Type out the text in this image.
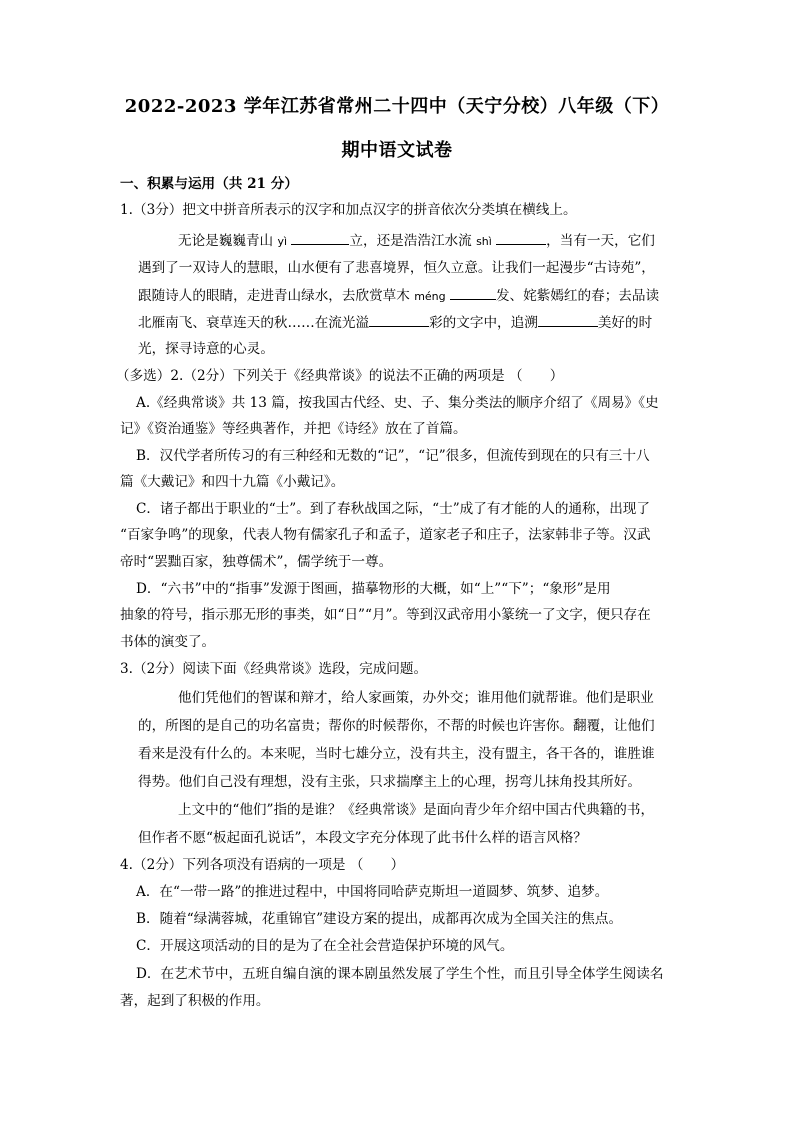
2022-2023 学年江苏省常州二十四中（天宁分校）八年级（下）
期中语文试卷
一、积累与运用（共 21 分）
1.（3分）把文中拼音所表示的汉字和加点汉字的拼音依次分类填在横线上。
无论是巍巍青山 yì	立，还是浩浩江水流 shì	，当有一天，它们
遇到了一双诗人的慧眼，山水便有了悲喜境界，恒久立意。让我们一起漫步“古诗苑”，
跟随诗人的眼睛，走进青山绿水，去欣赏草木 méng	发、姹紫嫣红的春；去品读
北雁南飞、衰草连天的秋……在流光溢	彩的文字中，追溯	美好的时
光，探寻诗意的心灵。
（多选）2.（2分）下列关于《经典常谈》的说法不正确的两项是 （　　）
A.《经典常谈》共 13 篇，按我国古代经、史、子、集分类法的顺序介绍了《周易》《史
记》《资治通鉴》等经典著作，并把《诗经》放在了首篇。
B．汉代学者所传习的有三种经和无数的“记”，“记”很多，但流传到现在的只有三十八
篇《大戴记》和四十九篇《小戴记》。
C．诸子都出于职业的“士”。到了春秋战国之际，“士”成了有才能的人的通称，出现了
“百家争鸣”的现象，代表人物有儒家孔子和孟子，道家老子和庄子，法家韩非子等。汉武
帝时“罢黜百家，独尊儒术”，儒学统于一尊。
D．“六书”中的“指事”发源于图画，描摹物形的大概，如“上”“下”；“象形”是用
抽象的符号，指示那无形的事类，如“日”“月”。等到汉武帝用小篆统一了文字，便只存在
书体的演变了。
3.（2分）阅读下面《经典常谈》选段，完成问题。
他们凭他们的智谋和辩才，给人家画策，办外交；谁用他们就帮谁。他们是职业
的，所图的是自己的功名富贵；帮你的时候帮你，不帮的时候也许害你。翻覆，让他们
看来是没有什么的。本来呢，当时七雄分立，没有共主，没有盟主，各干各的，谁胜谁
得势。他们自己没有理想，没有主张，只求揣摩主上的心理，拐弯儿抹角投其所好。
上文中的“他们”指的是谁？《经典常谈》是面向青少年介绍中国古代典籍的书，
但作者不愿“板起面孔说话”，本段文字充分体现了此书什么样的语言风格？
4.（2分）下列各项没有语病的一项是 （　　）
A．在“一带一路”的推进过程中，中国将同哈萨克斯坦一道圆梦、筑梦、追梦。
B．随着“绿满蓉城，花重锦官”建设方案的提出，成都再次成为全国关注的焦点。
C．开展这项活动的目的是为了在全社会营造保护环境的风气。
D．在艺术节中，五班自编自演的课本剧虽然发展了学生个性，而且引导全体学生阅读名
著，起到了积极的作用。
